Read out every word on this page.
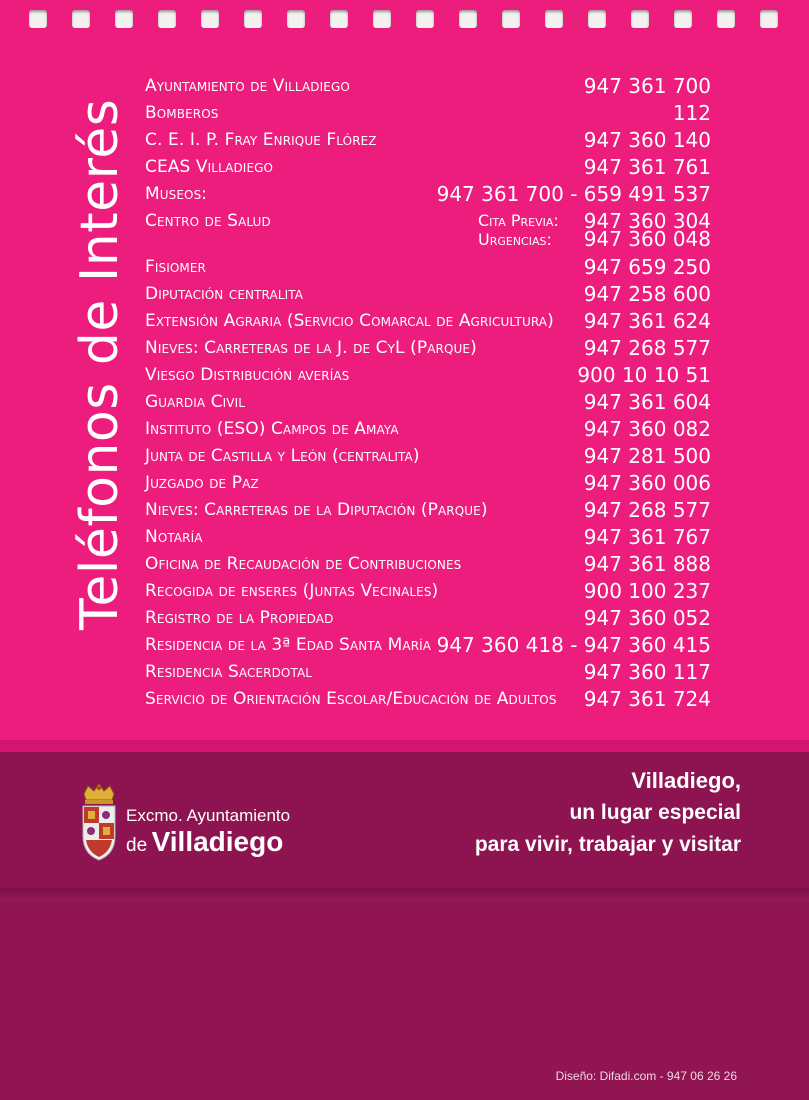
Teléfonos de Interés
Ayuntamiento de Villadiego	947 361 700
Bomberos	112
C. E. I. P. Fray Enrique Flórez	947 360 140
CEAS Villadiego	947 361 761
Museos:	947 361 700 - 659 491 537
Centro de Salud	Cita Previa: 947 360 304
Urgencias: 947 360 048
Fisiomer	947 659 250
Diputación centralita	947 258 600
Extensión Agraria (Servicio Comarcal de Agricultura) 947 361 624
Nieves: Carreteras de la J. de CyL (Parque)	947 268 577
Viesgo Distribución averías	900 10 10 51
Guardia Civil	947 361 604
Instituto (ESO) Campos de Amaya	947 360 082
Junta de Castilla y León (centralita)	947 281 500
Juzgado de Paz	947 360 006
Nieves: Carreteras de la Diputación (Parque)	947 268 577
Notaría	947 361 767
Oficina de Recaudación de Contribuciones	947 361 888
Recogida de enseres (Juntas Vecinales)	900 100 237
Registro de la Propiedad	947 360 052
Residencia de la 3ª Edad Santa María 947 360 418 - 947 360 415
Residencia Sacerdotal	947 360 117
Servicio de Orientación Escolar/Educación de Adultos 947 361 724
Excmo. Ayuntamiento
de Villadiego
Villadiego,
un lugar especial
para vivir, trabajar y visitar
Diseño: Difadi.com - 947 06 26 26
